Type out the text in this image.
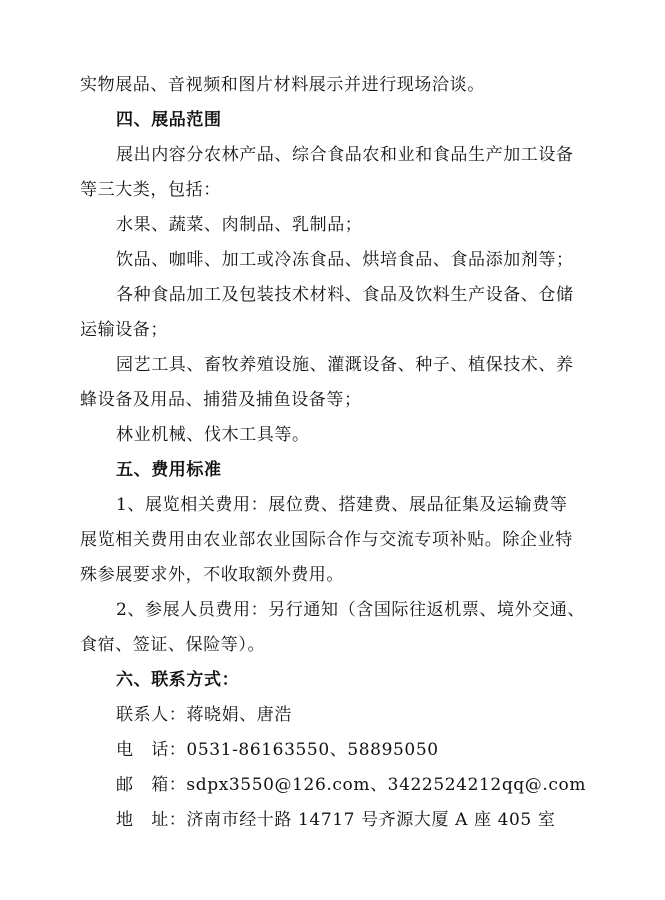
实物展品、音视频和图片材料展示并进行现场洽谈。
四、展品范围
展出内容分农林产品、综合食品农和业和食品生产加工设备
等三大类，包括：
水果、蔬菜、肉制品、乳制品；
饮品、咖啡、加工或冷冻食品、烘培食品、食品添加剂等；
各种食品加工及包装技术材料、食品及饮料生产设备、仓储
运输设备；
园艺工具、畜牧养殖设施、灌溉设备、种子、植保技术、养
蜂设备及用品、捕猎及捕鱼设备等；
林业机械、伐木工具等。
五、费用标准
1、展览相关费用：展位费、搭建费、展品征集及运输费等
展览相关费用由农业部农业国际合作与交流专项补贴。除企业特
殊参展要求外，不收取额外费用。
2、参展人员费用：另行通知（含国际往返机票、境外交通、
食宿、签证、保险等）。
六、联系方式：
联系人：蒋晓娟、唐浩
电　话：0531-86163550、58895050
邮　箱：sdpx3550@126.com、3422524212qq@.com
地　址：济南市经十路 14717 号齐源大厦 A 座 405 室
